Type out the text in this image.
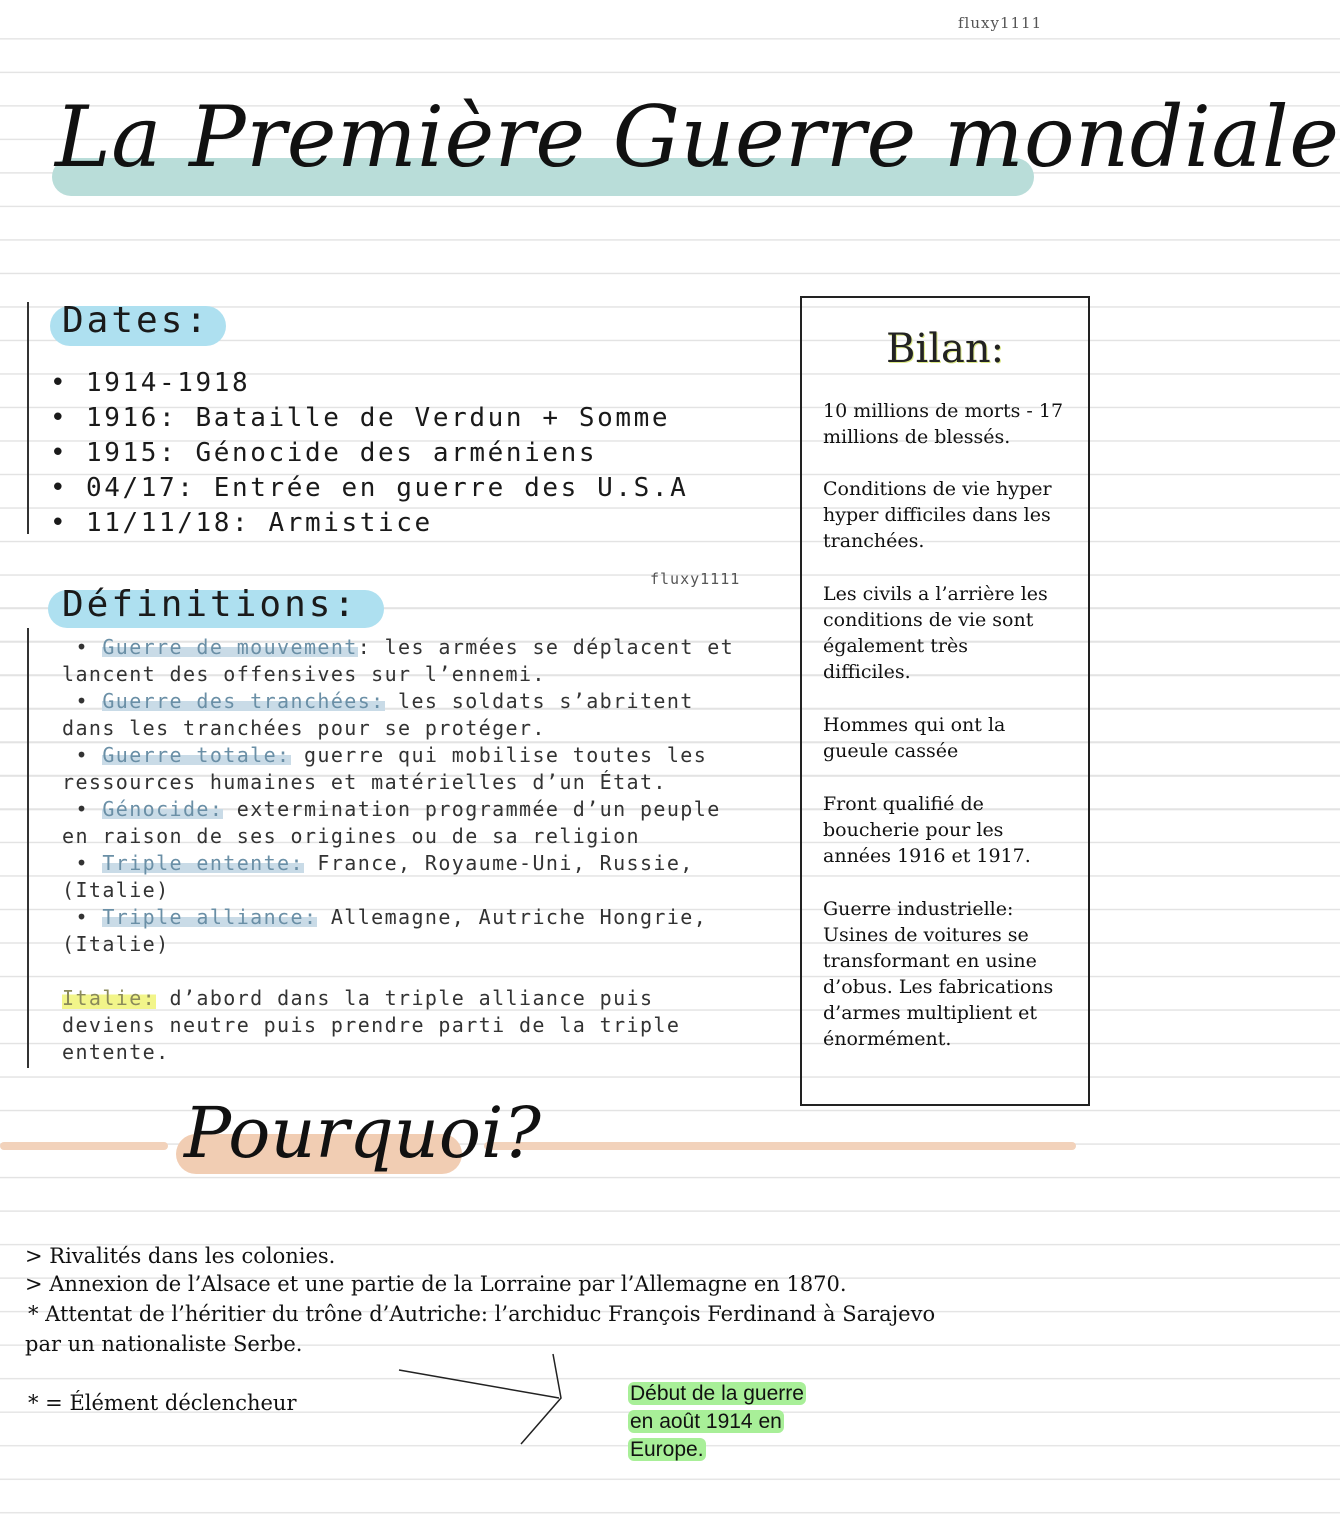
fluxy1111
fluxy1111
La Première Guerre mondiale
Dates:
• 1914-1918
• 1916: Bataille de Verdun + Somme
• 1915: Génocide des arméniens
• 04/17: Entrée en guerre des U.S.A
• 11/11/18: Armistice
Définitions:

• Guerre de mouvement: les armées se déplacent et lancent des offensives sur l’ennemi.

• Guerre des tranchées: les soldats s’abritent dans les tranchées pour se protéger.

• Guerre totale: guerre qui mobilise toutes les ressources humaines et matérielles d’un État.

• Génocide: extermination programmée d’un peuple en raison de ses origines ou de sa religion

• Triple entente: France, Royaume-Uni, Russie, (Italie)

• Triple alliance: Allemagne, Autriche Hongrie, (Italie)

Italie: d’abord dans la triple alliance puis deviens neutre puis prendre parti de la triple entente.

Bilan:
10 millions de morts - 17 millions de blessés.
Conditions de vie hyper hyper difficiles dans les tranchées.
Les civils a l’arrière les conditions de vie sont également très difficiles.
Hommes qui ont la gueule cassée
Front qualifié de boucherie pour les années 1916 et 1917.
Guerre industrielle: Usines de voitures se transformant en usine d’obus. Les fabrications d’armes multiplient et énormément.
Pourquoi?
> Rivalités dans les colonies.
> Annexion de l’Alsace et une partie de la Lorraine par l’Allemagne en 1870.
* Attentat de l’héritier du trône d’Autriche: l’archiduc François Ferdinand à Sarajevo
par un nationaliste Serbe.
* = Élément déclencheur	Début de la guerre
en août 1914 en
Europe.
